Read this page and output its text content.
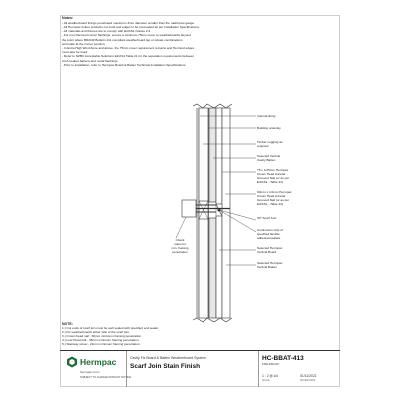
Notes:
- All weatherboard fixings penetrated maximum 3mm diameter smaller than the nail/screw gauge
- All Hermpac timber products cut ends and edges to be preceeded as per Installation Specifications.
- All materials and fixtures are to comply with E2/AS1 Clause 2.2.
- For non-Hermtod corner flashings, ensure a minimum 75mm cover to weatherboards beyond
the point where BRANZ Bulletin 411 compliant weatherboard lap or rebate combinations
terminate at the corner junction.
- In Extra High Wind Zone and above, the 75mm cover requirement remains and Hermtod edges
must also be used.
- Refer to NZBC Acceptable Solutions E2/AS1 Table 21 for the separation requirements between
CCA treated battens and metal flashings.
- Prior to installation, refer to Hermpac Board & Batten Technical Installation Specifications.
Internal lining
Building underlay
Timber nogging as
required
Selected Vertical
Cavity Batten
75 x 3.25mm Hermpac
Crown Head Annular
Grooved Nail (or as per
E3/AS1 - Table 24)
90mm x 4.0mm Hermpac
Crown Head Annular
Grooved Nail (or as per
E3/AS1 - Table 24)
30° Scarf Join
Continuous strip of
specified flexible
adhesive/sealant
Selected Hermpac
Vertical Board
Selected Hermpac
Vertical Batten
Check
notes for
min. framing
penetration
NOTE:
1.) Cut ends of scarf join must be well sealed with specified end sealer.
2.) Fix weatherboards either side of the scarf join.
3.) Crown head nail - 30mm minimum framing penetration.
4.) Lost Head nail - 35mm minimum framing penetration.
5.) Stainsay screw - 21mm minimum framing penetration.
Hermpac
hermpac.co.nz
SUBJECT TO CHANGE WITHOUT NOTICE
Cavity Fix Board & Batten Weatherboard System
Scarf Join Stain Finish
HC-BBAT-413
PRELIMINARY
1 : 2 @ A4
SCALE
01/11/2021
ISSUED DATE
